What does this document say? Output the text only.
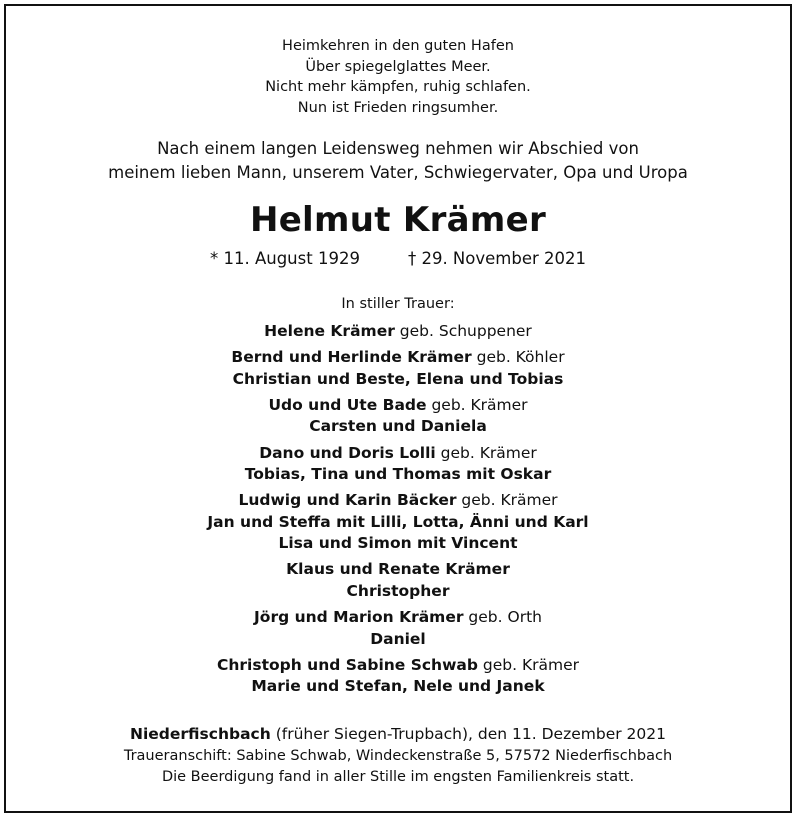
Heimkehren in den guten Hafen
Über spiegelglattes Meer.
Nicht mehr kämpfen, ruhig schlafen.
Nun ist Frieden ringsumher.
Nach einem langen Leidensweg nehmen wir Abschied von
meinem lieben Mann, unserem Vater, Schwiegervater, Opa und Uropa
Helmut Krämer
* 11. August 1929	† 29. November 2021
In stiller Trauer:
Helene Krämer geb. Schuppener
Bernd und Herlinde Krämer geb. Köhler
Christian und Beste, Elena und Tobias
Udo und Ute Bade geb. Krämer
Carsten und Daniela
Dano und Doris Lolli geb. Krämer
Tobias, Tina und Thomas mit Oskar
Ludwig und Karin Bäcker geb. Krämer
Jan und Steffa mit Lilli, Lotta, Änni und Karl
Lisa und Simon mit Vincent
Klaus und Renate Krämer
Christopher
Jörg und Marion Krämer geb. Orth
Daniel
Christoph und Sabine Schwab geb. Krämer
Marie und Stefan, Nele und Janek
Niederfischbach (früher Siegen-Trupbach), den 11. Dezember 2021
Traueranschift: Sabine Schwab, Windeckenstraße 5, 57572 Niederfischbach
Die Beerdigung fand in aller Stille im engsten Familienkreis statt.
